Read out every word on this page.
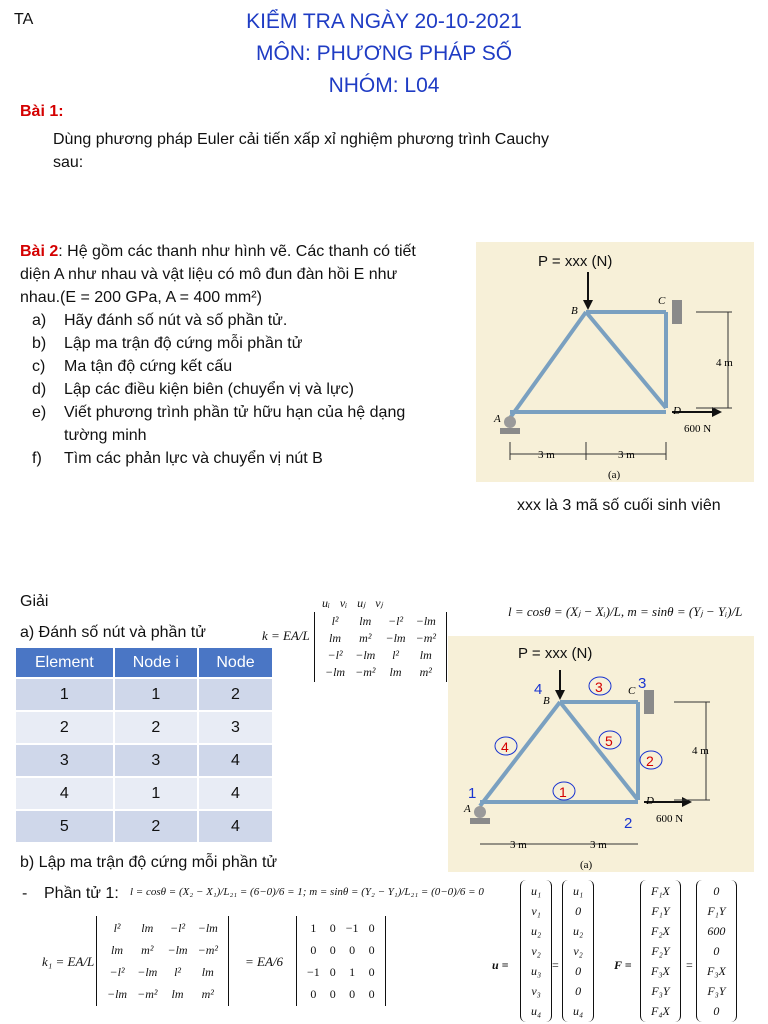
TA	KIỂM TRA NGÀY 20-10-2021
MÔN: PHƯƠNG PHÁP SỐ
NHÓM: L04
Bài 1:
Dùng phương pháp Euler cải tiến xấp xỉ nghiệm phương trình Cauchy
sau:
Bài 2: Hệ gồm các thanh như hình vẽ. Các thanh có tiết
diện A như nhau và vật liệu có mô đun đàn hồi E như
nhau.(E = 200 GPa, A = 400 mm²)
a)	Hãy đánh số nút và số phần tử.
b)	Lập ma trận độ cứng mỗi phần tử
c)	Ma tận độ cứng kết cấu
d)	Lập các điều kiện biên (chuyển vị và lực)
e)	Viết phương trình phần tử hữu hạn của hệ dạng
tường minh
f)	Tìm các phản lực và chuyển vị nút B
P = xxx (N)
B
C
A
D
4 m
600 N
3 m	3 m
(a)
xxx là 3 mã số cuối sinh viên
Giải
a) Đánh số nút và phần tử	k = EA/L
uᵢ	vᵢ	uⱼ	vⱼ
l²	lm	−l²	−lm
lm	m²	−lm	−m²
−l²	−lm	l²	lm
−lm	−m²	lm	m²
l = cosθ = (Xⱼ − Xᵢ)/L, m = sinθ = (Yⱼ − Yᵢ)/L
Element	Node i	Node
1	1	2
2	2	3
3	3	4
4	1	4
5	2	4
P = xxx (N)
B
C
A
D
4 m
600 N
3 m	3 m
(a)
1
2
3
4
1
2
3
4	5
b) Lập ma trận độ cứng mỗi phần tử
- Phần tử 1: l = cosθ = (X₂ − X₁)/L₂₁ = (6−0)/6 = 1; m = sinθ = (Y₂ − Y₁)/L₂₁ = (0−0)/6 = 0
k₁ = EA/L
l²	lm	−l²	−lm
lm	m²	−lm	−m²
−l²	−lm	l²	lm
−lm	−m²	lm	m²
= EA/6
1	0	−1	0
0	0	0	0
−1	0	1	0
0	0	0	0
u =
u₁
v₁
u₂
v₂
u₃
v₃
u₄
=
u₁
0
u₂
v₂
0
0
u₄
F =
F₁X
F₁Y
F₂X
F₂Y
F₃X
F₃Y
F₄X
=
0
F₁Y
600
0
F₃X
F₃Y
0
